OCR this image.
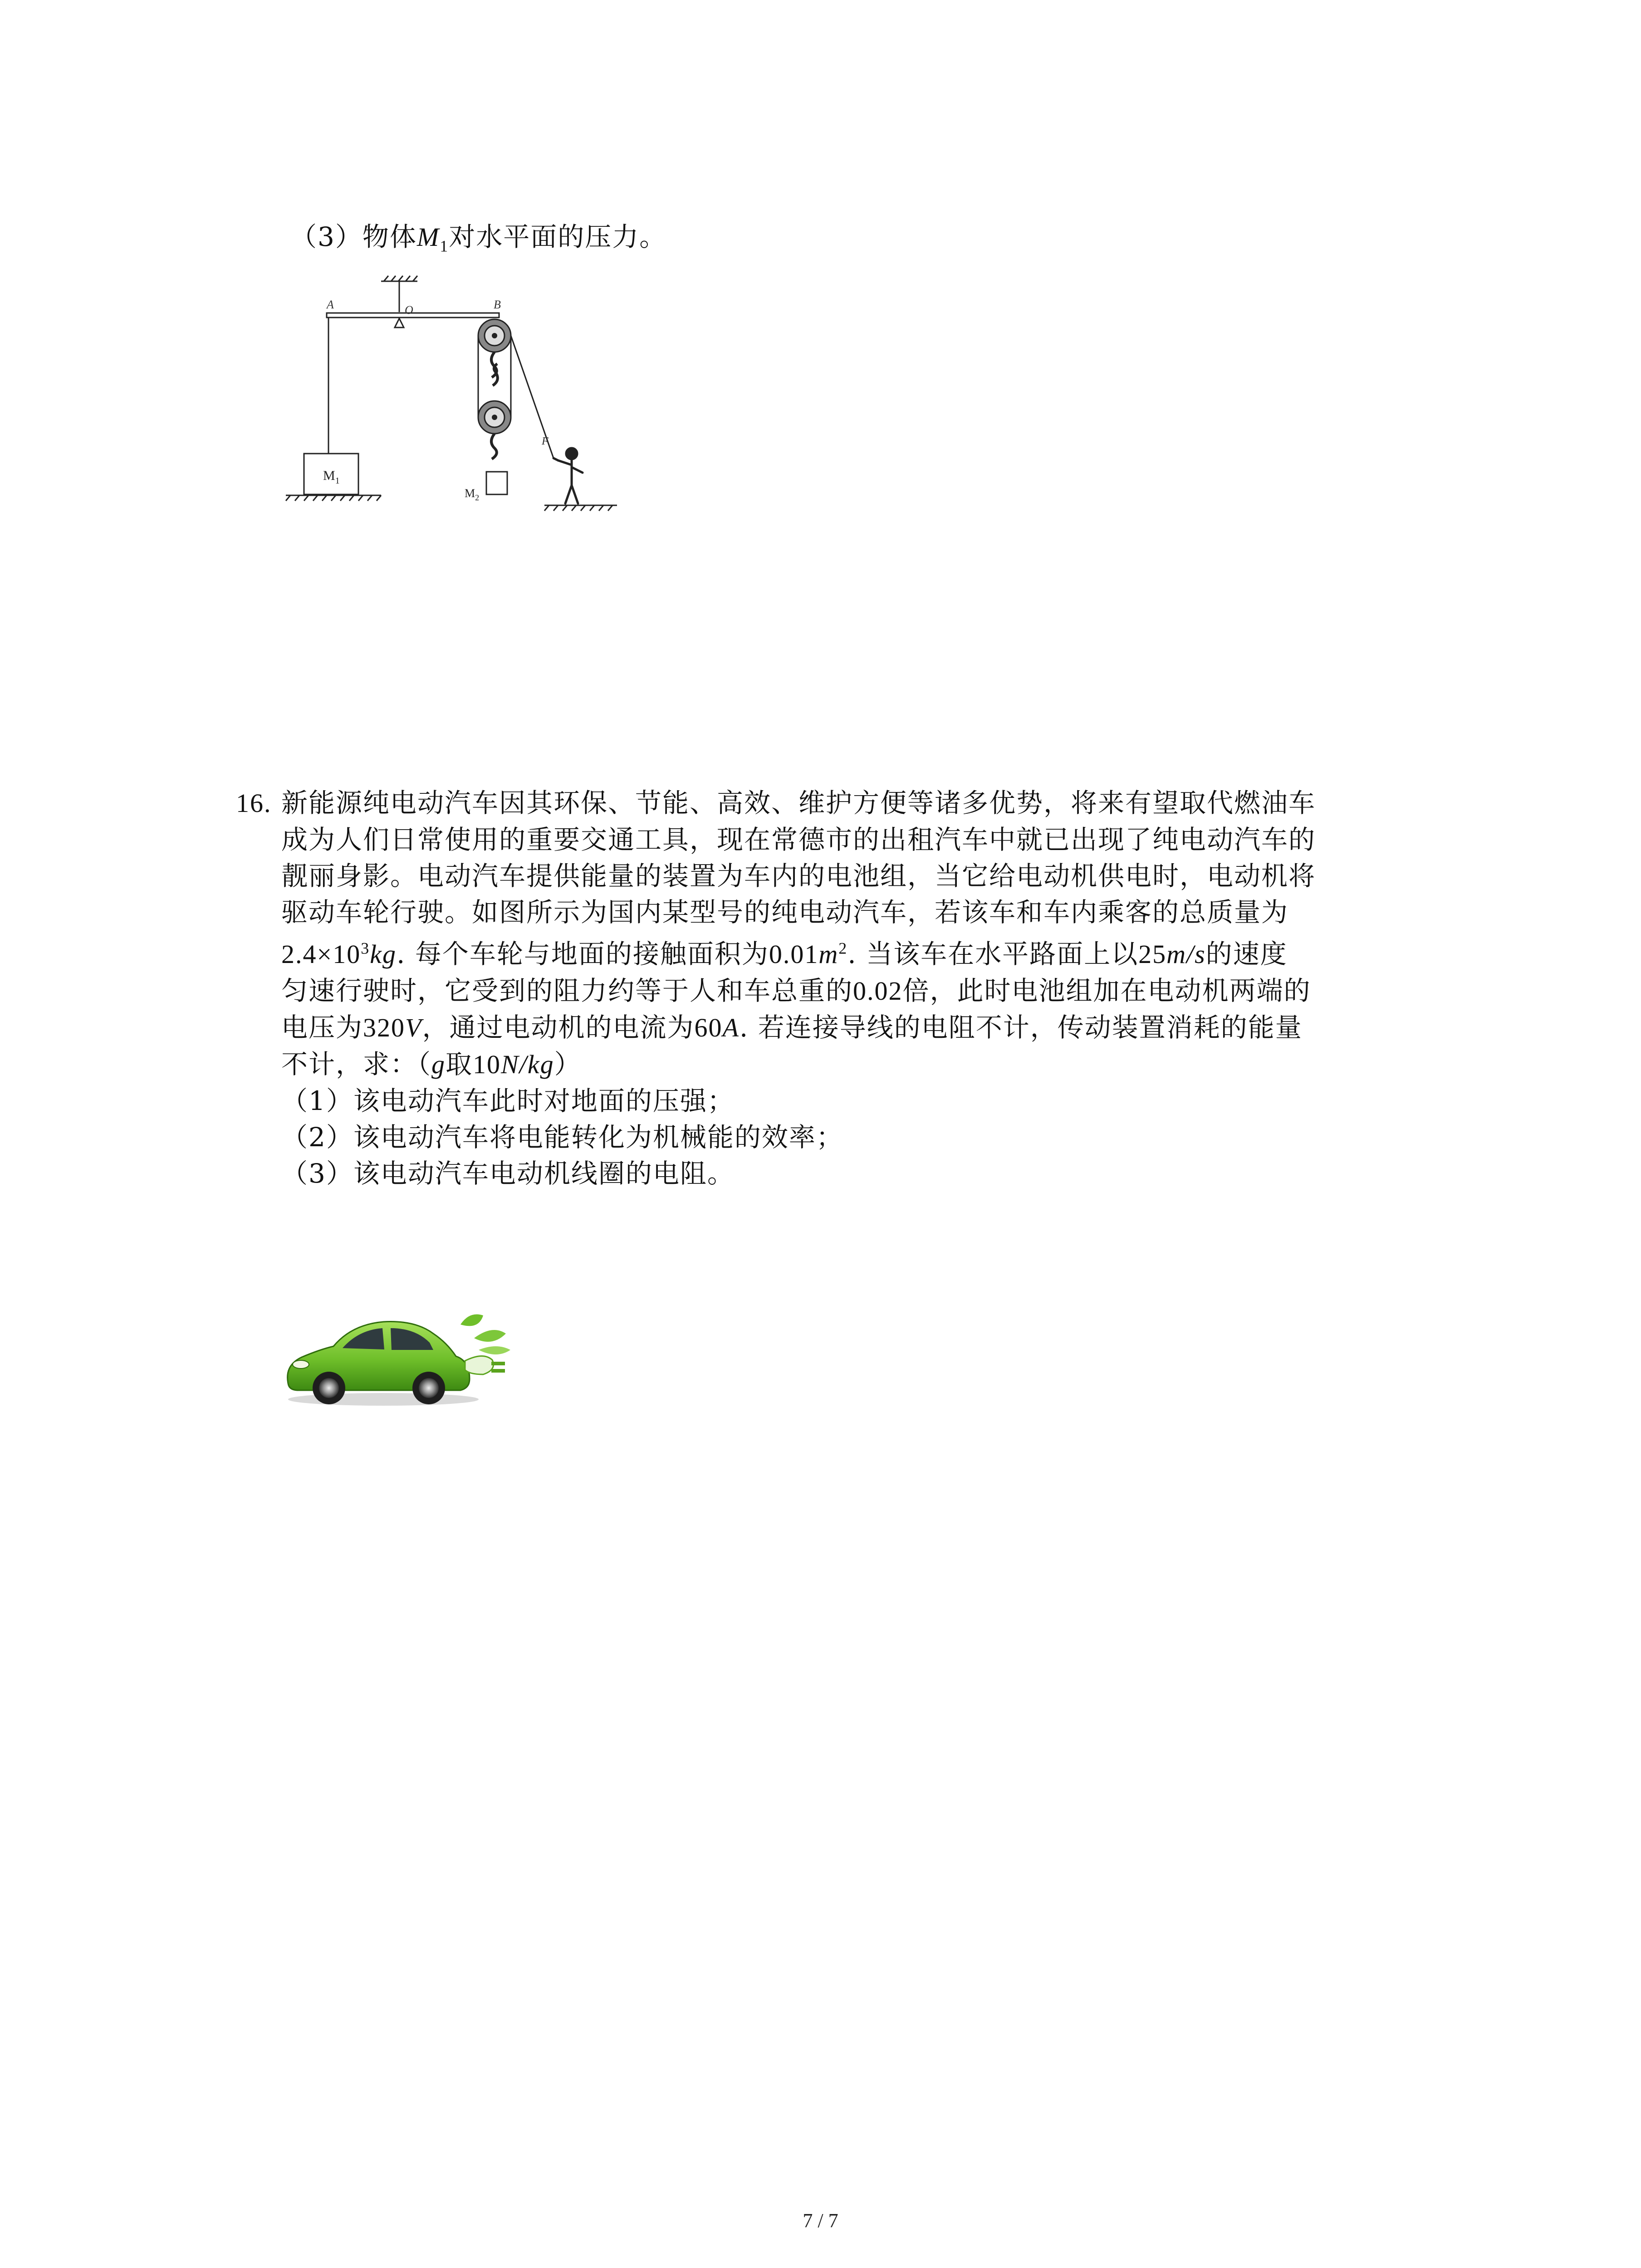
（3）物体$M_1$对水平面的压力。
A	O	B
$M_1$
$M_2$
F
16. 新能源纯电动汽车因其环保、节能、高效、维护方便等诸多优势，将来有望取代燃油车
成为人们日常使用的重要交通工具，现在常德市的出租汽车中就已出现了纯电动汽车的
靓丽身影。电动汽车提供能量的装置为车内的电池组，当它给电动机供电时，电动机将
驱动车轮行驶。如图所示为国内某型号的纯电动汽车，若该车和车内乘客的总质量为
$2.4\times 10^3kg$. 每个车轮与地面的接触面积为$0.01m^2$. 当该车在水平路面上以25m/s的速度
匀速行驶时，它受到的阻力约等于人和车总重的0.02倍，此时电池组加在电动机两端的
电压为320V，通过电动机的电流为60A. 若连接导线的电阻不计，传动装置消耗的能量
不计，求：（g取10N/kg）
（1）该电动汽车此时对地面的压强；
（2）该电动汽车将电能转化为机械能的效率；
（3）该电动汽车电动机线圈的电阻。
7 / 7
